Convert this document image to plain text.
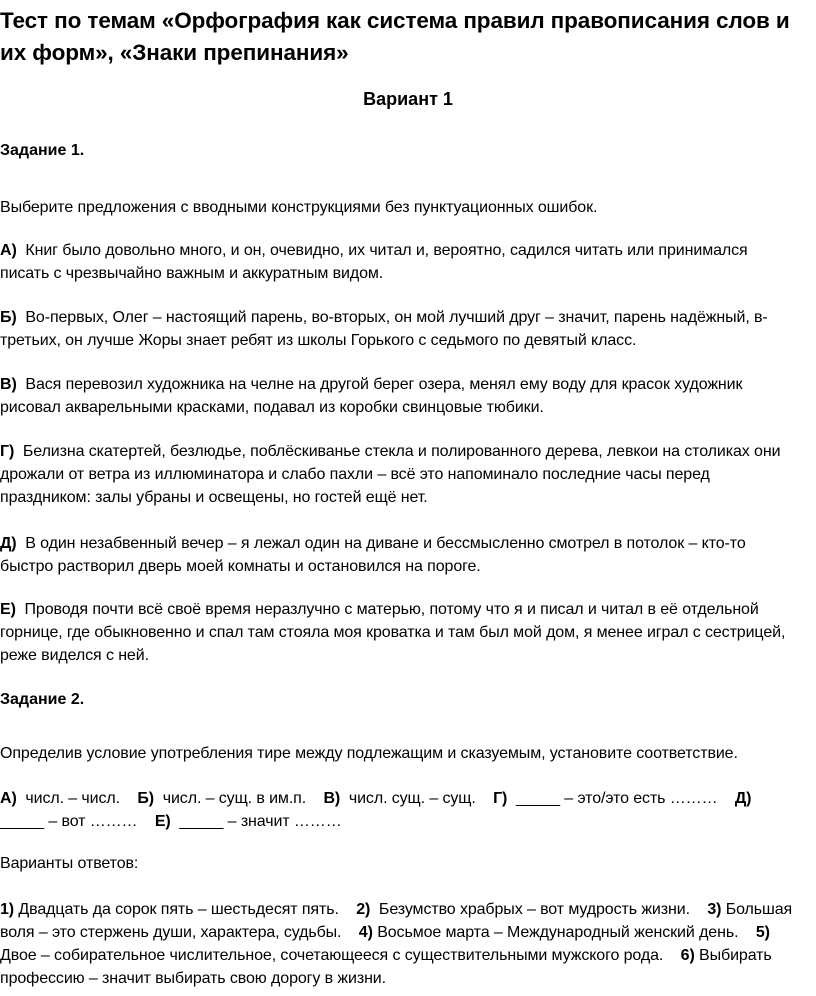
Тест по темам «Орфография как система правил правописания слов и их форм», «Знаки препинания»
Вариант 1
Задание 1.
Выберите предложения с вводными конструкциями без пунктуационных ошибок.
А) Книг было довольно много, и он, очевидно, их читал и, вероятно, садился читать или принимался писать с чрезвычайно важным и аккуратным видом.
Б) Во-первых, Олег – настоящий парень, во-вторых, он мой лучший друг – значит, парень надёжный, в-третьих, он лучше Жоры знает ребят из школы Горького с седьмого по девятый класс.
В) Вася перевозил художника на челне на другой берег озера, менял ему воду для красок художник рисовал акварельными красками, подавал из коробки свинцовые тюбики.
Г) Белизна скатертей, безлюдье, поблёскиванье стекла и полированного дерева, левкои на столиках они дрожали от ветра из иллюминатора и слабо пахли – всё это напоминало последние часы перед праздником: залы убраны и освещены, но гостей ещё нет.
Д) В один незабвенный вечер – я лежал один на диване и бессмысленно смотрел в потолок – кто-то быстро растворил дверь моей комнаты и остановился на пороге.
Е) Проводя почти всё своё время неразлучно с матерью, потому что я и писал и читал в её отдельной горнице, где обыкновенно и спал там стояла моя кроватка и там был мой дом, я менее играл с сестрицей, реже виделся с ней.
Задание 2.
Определив условие употребления тире между подлежащим и сказуемым, установите соответствие.
А) числ. – числ. Б) числ. – сущ. в им.п. В) числ. сущ. – сущ. Г) _____ – это/это есть ……… Д)  _____ – вот ……… Е) _____ – значит ………
Варианты ответов:
1) Двадцать да сорок пять – шестьдесят пять. 2) Безумство храбрых – вот мудрость жизни. 3) Большая воля – это стержень души, характера, судьбы. 4) Восьмое марта – Международный женский день. 5) Двое – собирательное числительное, сочетающееся с существительными мужского рода. 6) Выбирать профессию – значит выбирать свою дорогу в жизни.
